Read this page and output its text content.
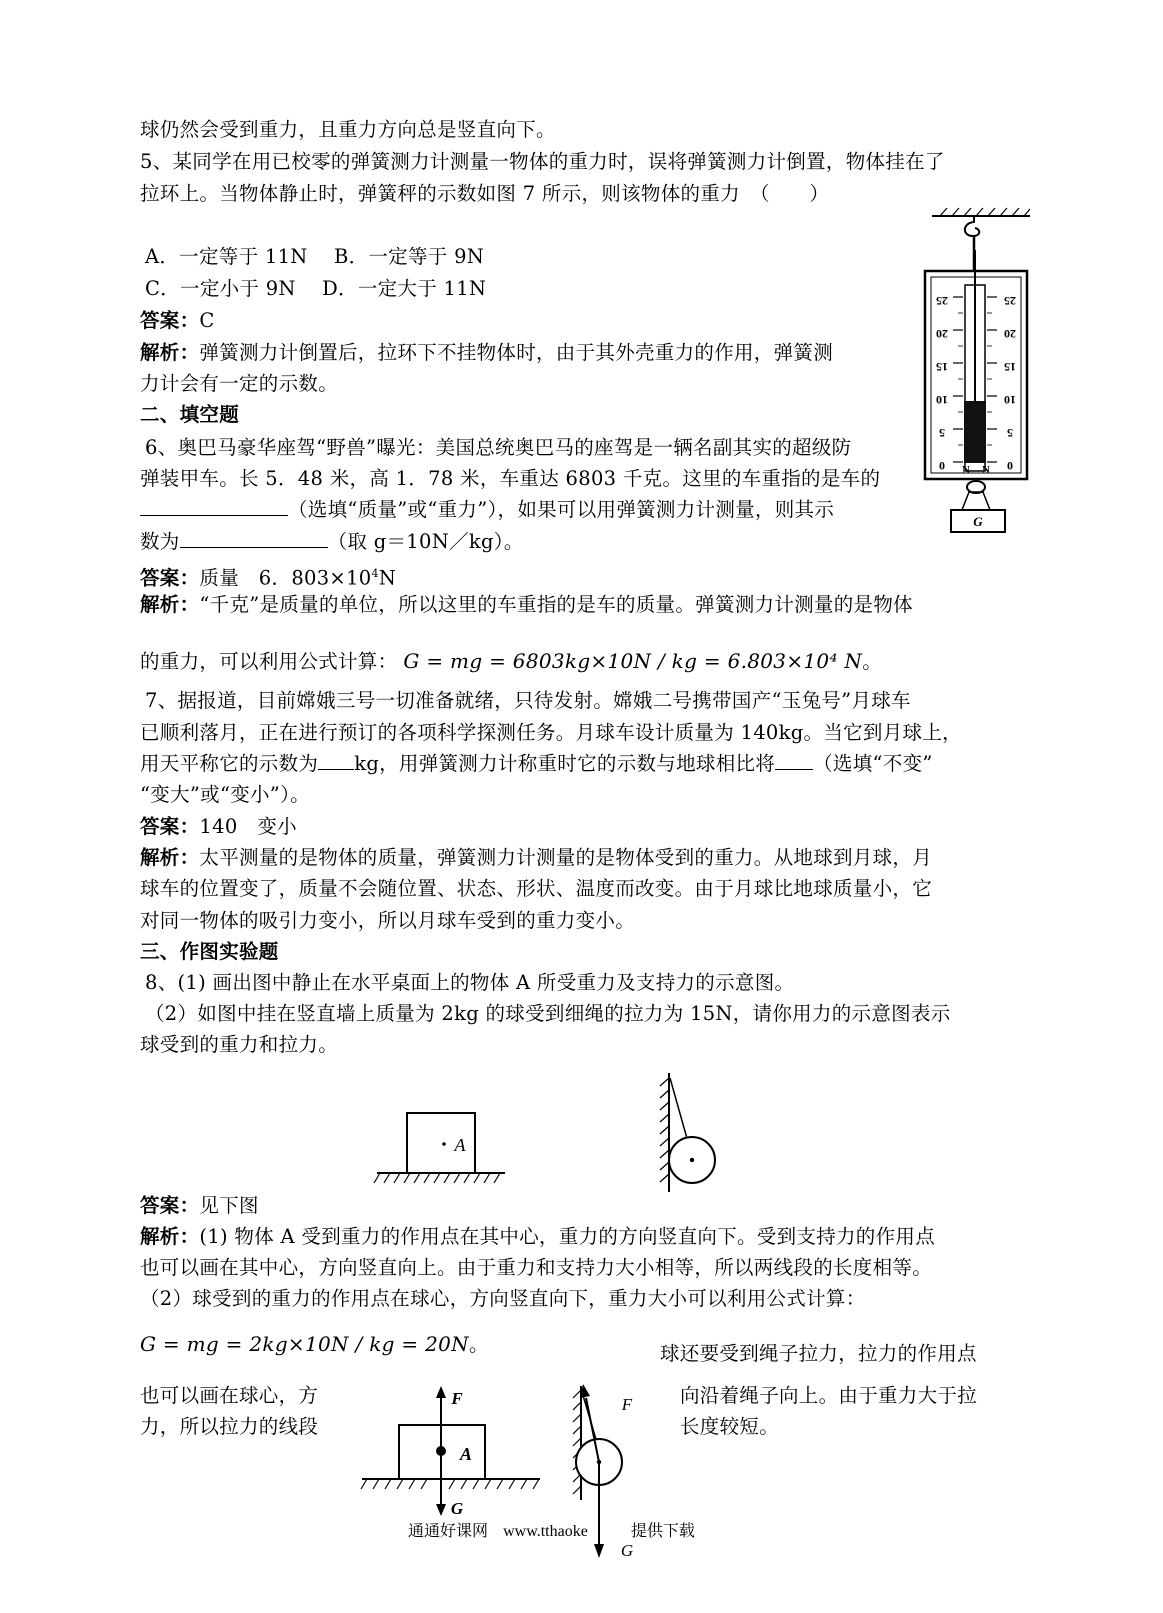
球仍然会受到重力，且重力方向总是竖直向下。
5、某同学在用已校零的弹簧测力计测量一物体的重力时，误将弹簧测力计倒置，物体挂在了
拉环上。当物体静止时，弹簧秤的示数如图 7 所示，则该物体的重力　（　　）
A．一定等于 11N　 B．一定等于 9N
C．一定小于 9N　 D．一定大于 11N
答案：C
解析：弹簧测力计倒置后，拉环下不挂物体时，由于其外壳重力的作用，弹簧测
力计会有一定的示数。
二、填空题
6、奥巴马豪华座驾“野兽”曝光：美国总统奥巴马的座驾是一辆名副其实的超级防
弹装甲车。长 5．48 米，高 1．78 米，车重达 6803 千克。这里的车重指的是车的
（选填“质量”或“重力”），如果可以用弹簧测力计测量，则其示
数为	（取 g＝10N／kg）。
答案：质量　6．$803\times 10^4N$
解析：“千克”是质量的单位，所以这里的车重指的是车的质量。弹簧测力计测量的是物体
的重力，可以利用公式计算： G = mg = 6803kg×10N / kg = 6.803×10⁴ N。
7、据报道，目前嫦娥三号一切准备就绪，只待发射。嫦娥二号携带国产“玉兔号”月球车
已顺利落月，正在进行预订的各项科学探测任务。月球车设计质量为 140kg。当它到月球上，
用天平称它的示数为 kg，用弹簧测力计称重时它的示数与地球相比将 （选填“不变”
“变大”或“变小”）。
答案：140　变小
解析：太平测量的是物体的质量，弹簧测力计测量的是物体受到的重力。从地球到月球，月
球车的位置变了，质量不会随位置、状态、形状、温度而改变。由于月球比地球质量小，它
对同一物体的吸引力变小，所以月球车受到的重力变小。
三、作图实验题
8、(1) 画出图中静止在水平桌面上的物体 A 所受重力及支持力的示意图。
（2）如图中挂在竖直墙上质量为 2kg 的球受到细绳的拉力为 15N，请你用力的示意图表示
球受到的重力和拉力。
答案：见下图
解析：(1) 物体 A 受到重力的作用点在其中心，重力的方向竖直向下。受到支持力的作用点
也可以画在其中心，方向竖直向上。由于重力和支持力大小相等，所以两线段的长度相等。
（2）球受到的重力的作用点在球心，方向竖直向下，重力大小可以利用公式计算：
G = mg = 2kg×10N / kg = 20N。	球还要受到绳子拉力，拉力的作用点
也可以画在球心，方	向沿着绳子向上。由于重力大于拉
力，所以拉力的线段	长度较短。
25	25
20	20
15	15
10	10
5	5
0	0
N N
G
A
F
A
G
F
G
通通好课网 www.tthaoke	提供下载
